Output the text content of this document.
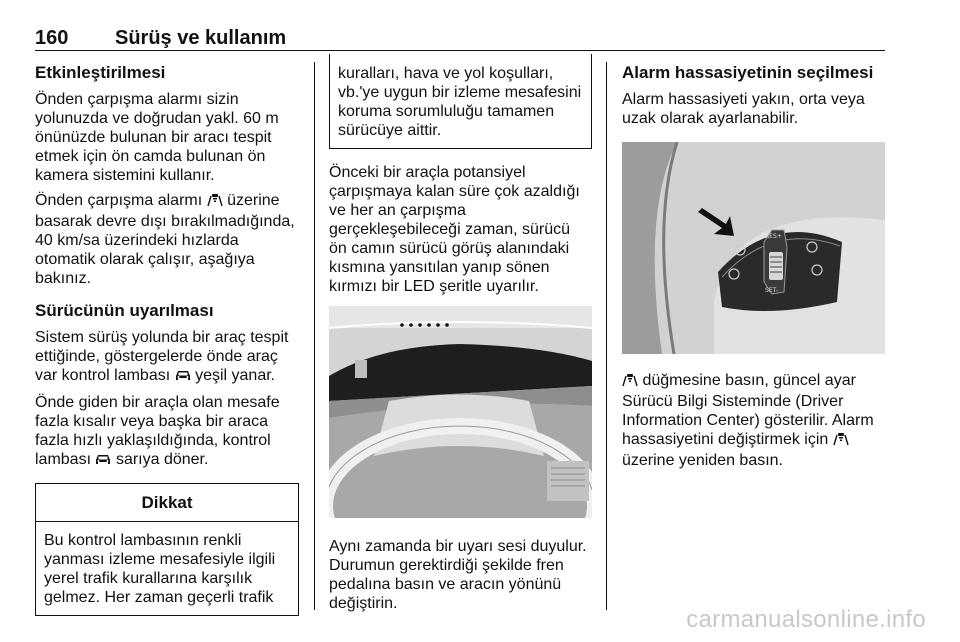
160 Sürüş ve kullanım
Etkinleştirilmesi

Önden çarpışma alarmı sizin yolunuzda ve doğrudan yakl. 60 m önünüzde bulunan bir aracı tespit etmek için ön camda bulunan ön kamera sistemini kullanır.

Önden çarpışma alarmı üzerine basarak devre dışı bırakılmadığında, 40 km/sa üzerindeki hızlarda otomatik olarak çalışır, aşağıya bakınız.

Sürücünün uyarılması

Sistem sürüş yolunda bir araç tespit ettiğinde, göstergelerde önde araç var kontrol lambası yeşil yanar.

Önde giden bir araçla olan mesafe fazla kısalır veya başka bir araca fazla hızlı yaklaşıldığında, kontrol lambası sarıya döner.

Dikkat
Bu kontrol lambasının renkli yanması izleme mesafesiyle ilgili yerel trafik kurallarına karşılık gelmez. Her zaman geçerli trafik
kuralları, hava ve yol koşulları, vb.'ye uygun bir izleme mesafesini koruma sorumluluğu tamamen sürücüye aittir.

Önceki bir araçla potansiyel çarpışmaya kalan süre çok azaldığı ve her an çarpışma gerçekleşebileceği zaman, sürücü ön camın sürücü görüş alanındaki kısmına yansıtılan yanıp sönen kırmızı bir LED şeritle uyarılır.

Aynı zamanda bir uyarı sesi duyulur. Durumun gerektirdiği şekilde fren pedalına basın ve aracın yönünü değiştirin.

Alarm hassasiyetinin seçilmesi

Alarm hassasiyeti yakın, orta veya uzak olarak ayarlanabilir.

RES+
SET-

düğmesine basın, güncel ayar Sürücü Bilgi Sisteminde (Driver Information Center) gösterilir. Alarm hassasiyetini değiştirmek için  üzerine yeniden basın.

carmanualsonline.info
